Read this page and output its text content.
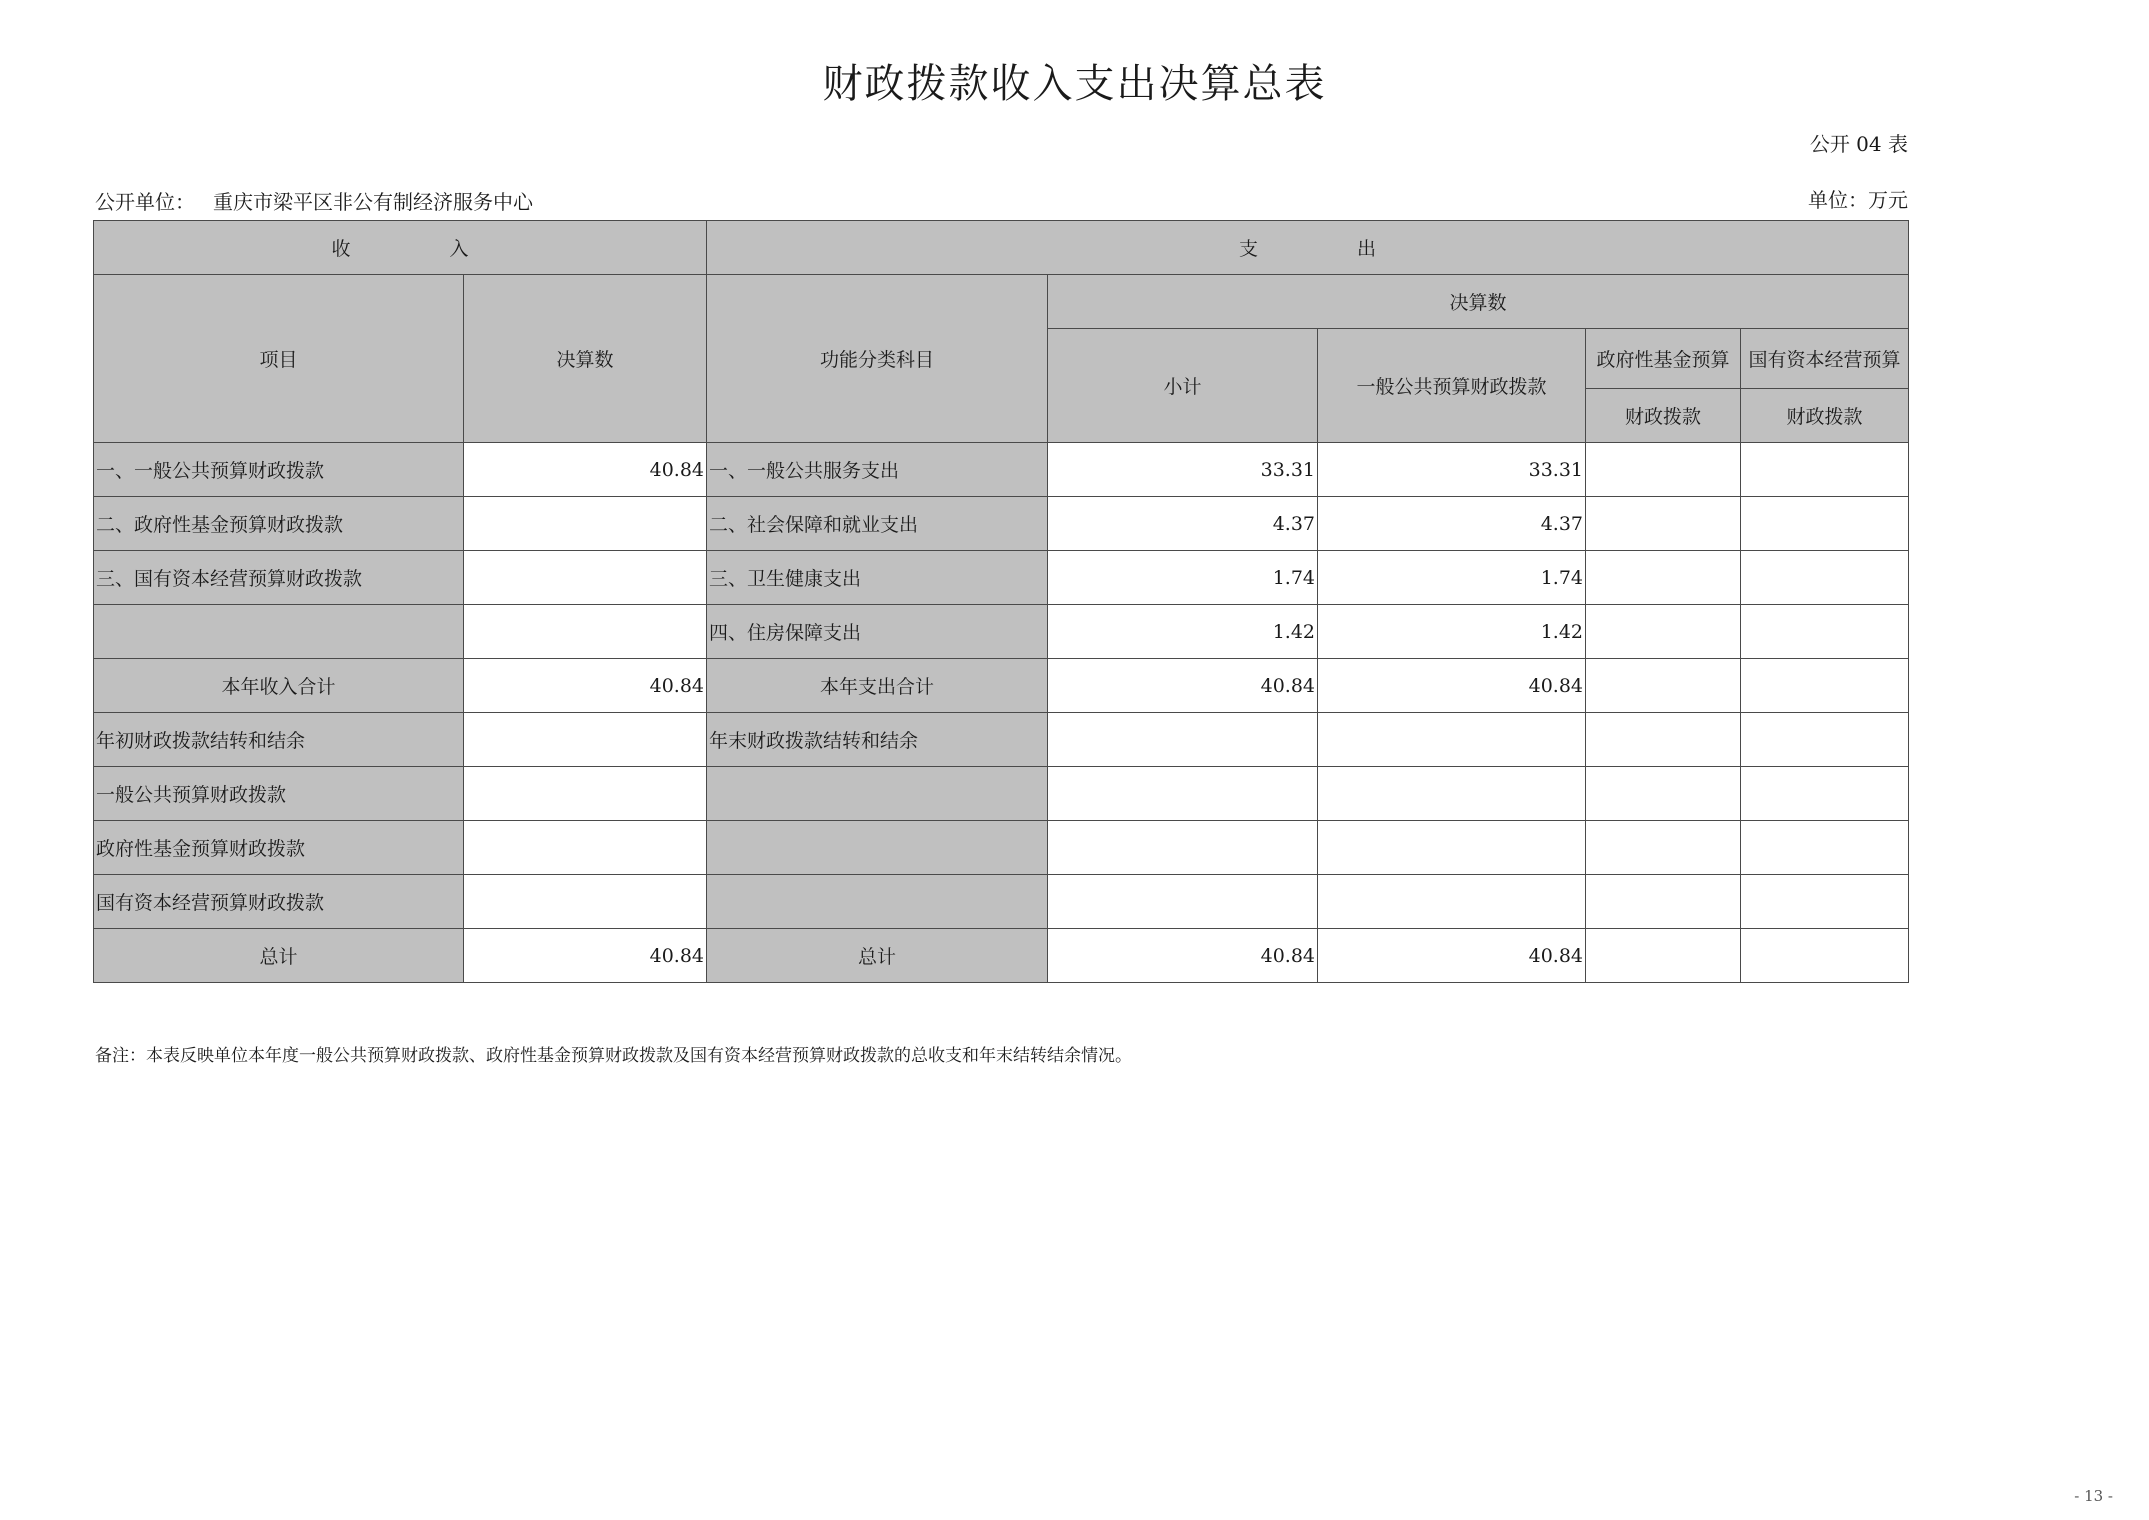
财政拨款收入支出决算总表
公开 04 表
公开单位： 重庆市梁平区非公有制经济服务中心	单位：万元
收　入		支　出				
项目	决算数	功能分类科目	决算数			
			小计	一般公共预算财政拨款	政府性基金预算	国有资本经营预算
					财政拨款	财政拨款
一、一般公共预算财政拨款	40.84	一、一般公共服务支出	33.31	33.31		
二、政府性基金预算财政拨款		二、社会保障和就业支出	4.37	4.37		
三、国有资本经营预算财政拨款		三、卫生健康支出	1.74	1.74		
		四、住房保障支出	1.42	1.42		
本年收入合计	40.84	本年支出合计	40.84	40.84		
年初财政拨款结转和结余		年末财政拨款结转和结余				
一般公共预算财政拨款						
政府性基金预算财政拨款						
国有资本经营预算财政拨款						
总计	40.84	总计	40.84	40.84		
备注：本表反映单位本年度一般公共预算财政拨款、政府性基金预算财政拨款及国有资本经营预算财政拨款的总收支和年末结转结余情况。
- 13 -
